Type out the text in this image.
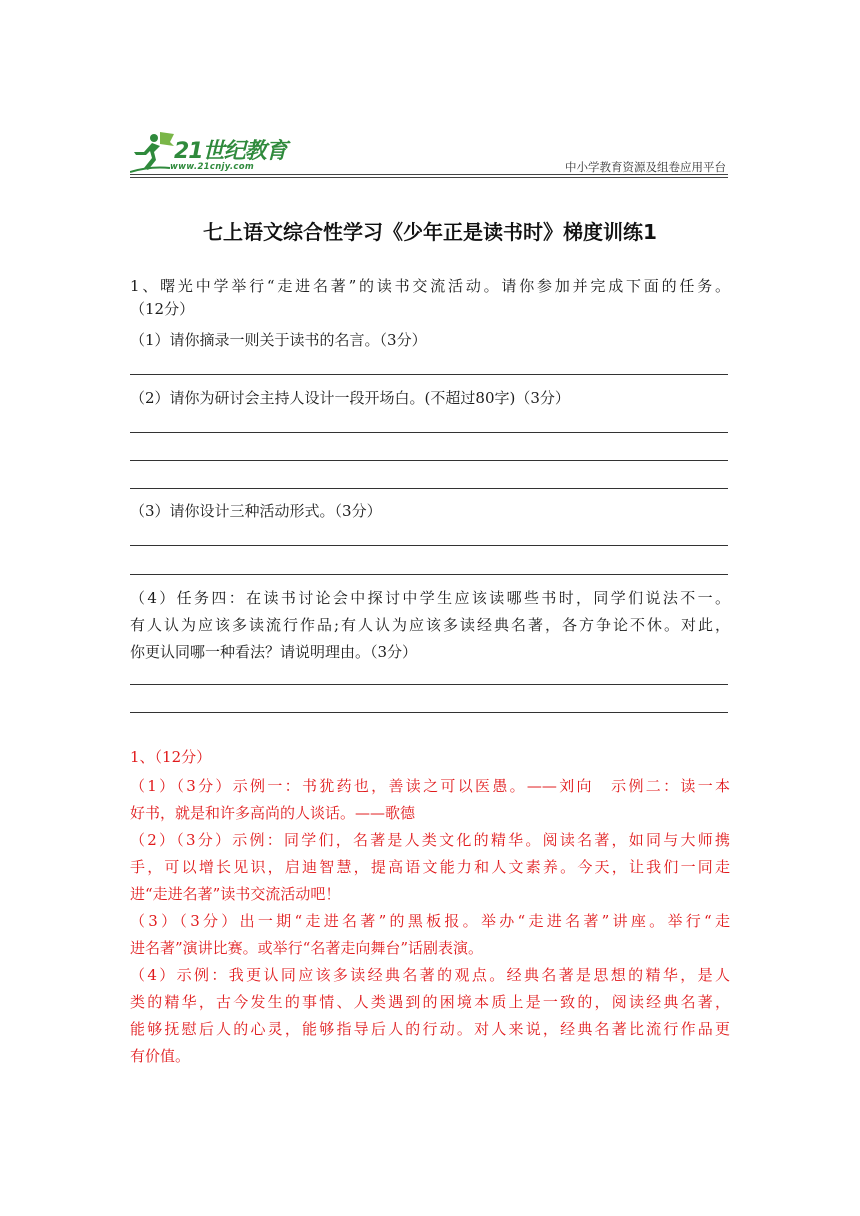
21世纪教育
www.21cnjy.com	中小学教育资源及组卷应用平台
七上语文综合性学习《少年正是读书时》梯度训练1
1、曙光中学举行“走进名著”的读书交流活动。请你参加并完成下面的任务。
（12分）
（1）请你摘录一则关于读书的名言。（3分）
（2）请你为研讨会主持人设计一段开场白。(不超过80字)（3分）
（3）请你设计三种活动形式。（3分）
（4）任务四：在读书讨论会中探讨中学生应该读哪些书时，同学们说法不一。
有人认为应该多读流行作品;有人认为应该多读经典名著，各方争论不休。对此，
你更认同哪一种看法？请说明理由。（3分）
1、（12分）
（1）（3分）示例一：书犹药也，善读之可以医愚。——刘向　示例二：读一本
好书，就是和许多高尚的人谈话。——歌德
（2）（3分）示例：同学们，名著是人类文化的精华。阅读名著，如同与大师携
手，可以增长见识，启迪智慧，提高语文能力和人文素养。今天，让我们一同走
进“走进名著”读书交流活动吧！
（3）（3分）出一期“走进名著”的黑板报。举办“走进名著”讲座。举行“走
进名著”演讲比赛。或举行“名著走向舞台”话剧表演。
（4）示例：我更认同应该多读经典名著的观点。经典名著是思想的精华，是人
类的精华，古今发生的事情、人类遇到的困境本质上是一致的，阅读经典名著，
能够抚慰后人的心灵，能够指导后人的行动。对人来说，经典名著比流行作品更
有价值。
